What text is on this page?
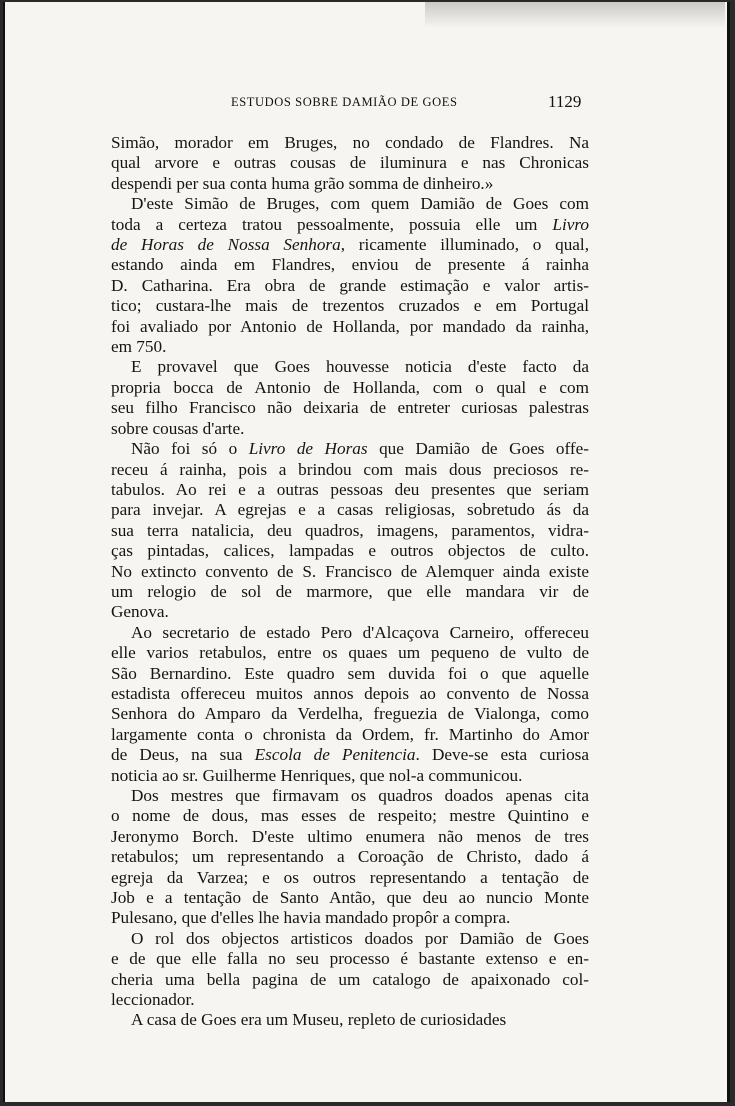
ESTUDOS SOBRE DAMIÃO DE GOES	1129

Simão, morador em Bruges, no condado de Flandres. Na
qual arvore e outras cousas de iluminura e nas Chronicas
despendi per sua conta huma grão somma de dinheiro.»

D'este Simão de Bruges, com quem Damião de Goes com
toda a certeza tratou pessoalmente, possuia elle um Livro
de Horas de Nossa Senhora, ricamente illuminado, o qual,
estando ainda em Flandres, enviou de presente á rainha
D. Catharina. Era obra de grande estimação e valor artis-
tico; custara-lhe mais de trezentos cruzados e em Portugal
foi avaliado por Antonio de Hollanda, por mandado da rainha,
em 750.

E provavel que Goes houvesse noticia d'este facto da
propria bocca de Antonio de Hollanda, com o qual e com
seu filho Francisco não deixaria de entreter curiosas palestras
sobre cousas d'arte.

Não foi só o Livro de Horas que Damião de Goes offe-
receu á rainha, pois a brindou com mais dous preciosos re-
tabulos. Ao rei e a outras pessoas deu presentes que seriam
para invejar. A egrejas e a casas religiosas, sobretudo ás da
sua terra natalicia, deu quadros, imagens, paramentos, vidra-
ças pintadas, calices, lampadas e outros objectos de culto.
No extincto convento de S. Francisco de Alemquer ainda existe
um relogio de sol de marmore, que elle mandara vir de
Genova.

Ao secretario de estado Pero d'Alcaçova Carneiro, offereceu
elle varios retabulos, entre os quaes um pequeno de vulto de
São Bernardino. Este quadro sem duvida foi o que aquelle
estadista offereceu muitos annos depois ao convento de Nossa
Senhora do Amparo da Verdelha, freguezia de Vialonga, como
largamente conta o chronista da Ordem, fr. Martinho do Amor
de Deus, na sua Escola de Penitencia. Deve-se esta curiosa
noticia ao sr. Guilherme Henriques, que nol-a communicou.

Dos mestres que firmavam os quadros doados apenas cita
o nome de dous, mas esses de respeito; mestre Quintino e
Jeronymo Borch. D'este ultimo enumera não menos de tres
retabulos; um representando a Coroação de Christo, dado á
egreja da Varzea; e os outros representando a tentação de
Job e a tentação de Santo Antão, que deu ao nuncio Monte
Pulesano, que d'elles lhe havia mandado propôr a compra.

O rol dos objectos artisticos doados por Damião de Goes
e de que elle falla no seu processo é bastante extenso e en-
cheria uma bella pagina de um catalogo de apaixonado col-
leccionador.

A casa de Goes era um Museu, repleto de curiosidades
